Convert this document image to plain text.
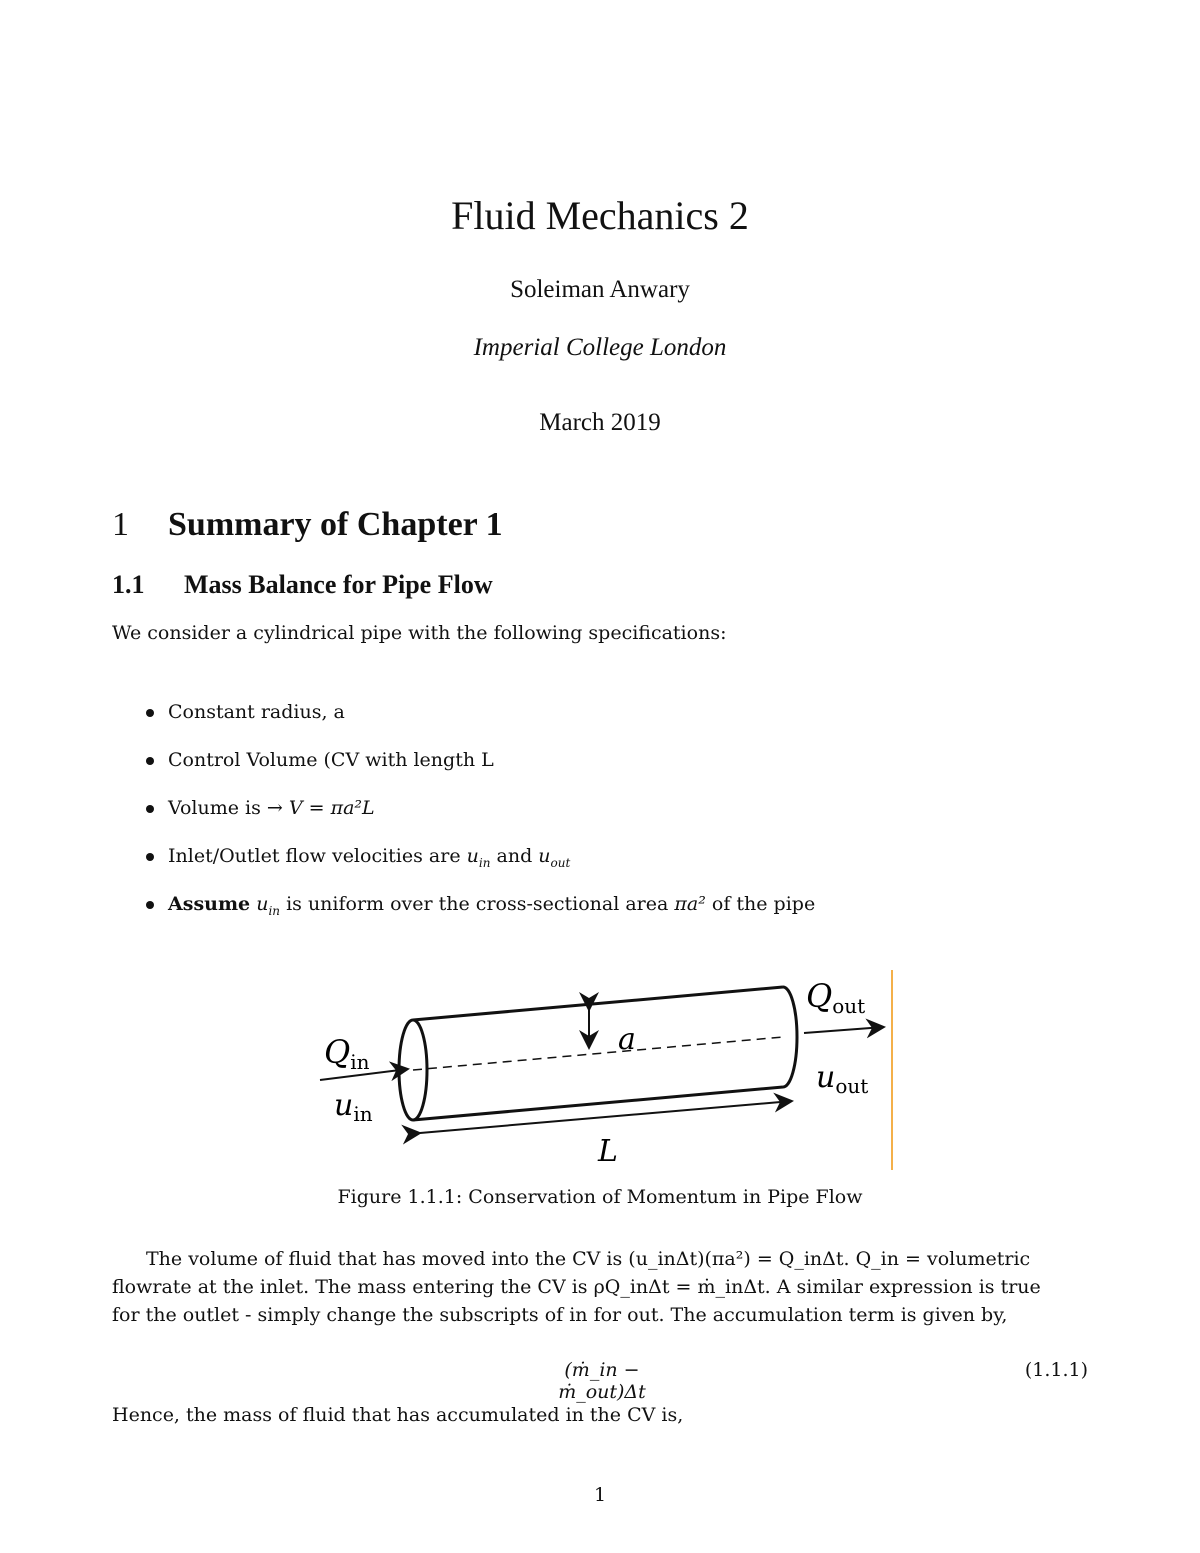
Fluid Mechanics 2
Soleiman Anwary
Imperial College London
March 2019
1 Summary of Chapter 1
1.1 Mass Balance for Pipe Flow
We consider a cylindrical pipe with the following specifications:
Constant radius, a
Control Volume (CV with length L
Volume is → V = πa²L
Inlet/Outlet flow velocities are $u_{in}$ and $u_{out}$
Assume $u_{in}$ is uniform over the cross-sectional area πa² of the pipe
Qin
$u_{in}$
Qout
$u_{out}$
a
L
Figure 1.1.1: Conservation of Momentum in Pipe Flow
The volume of fluid that has moved into the CV is (u_inΔt)(πa²) = Q_inΔt. Q_in = volumetric
flowrate at the inlet. The mass entering the CV is ρQ_inΔt = ṁ_inΔt. A similar expression is true
for the outlet - simply change the subscripts of in for out. The accumulation term is given by,
(ṁ_in − ṁ_out)Δt
(1.1.1)
Hence, the mass of fluid that has accumulated in the CV is,
1
